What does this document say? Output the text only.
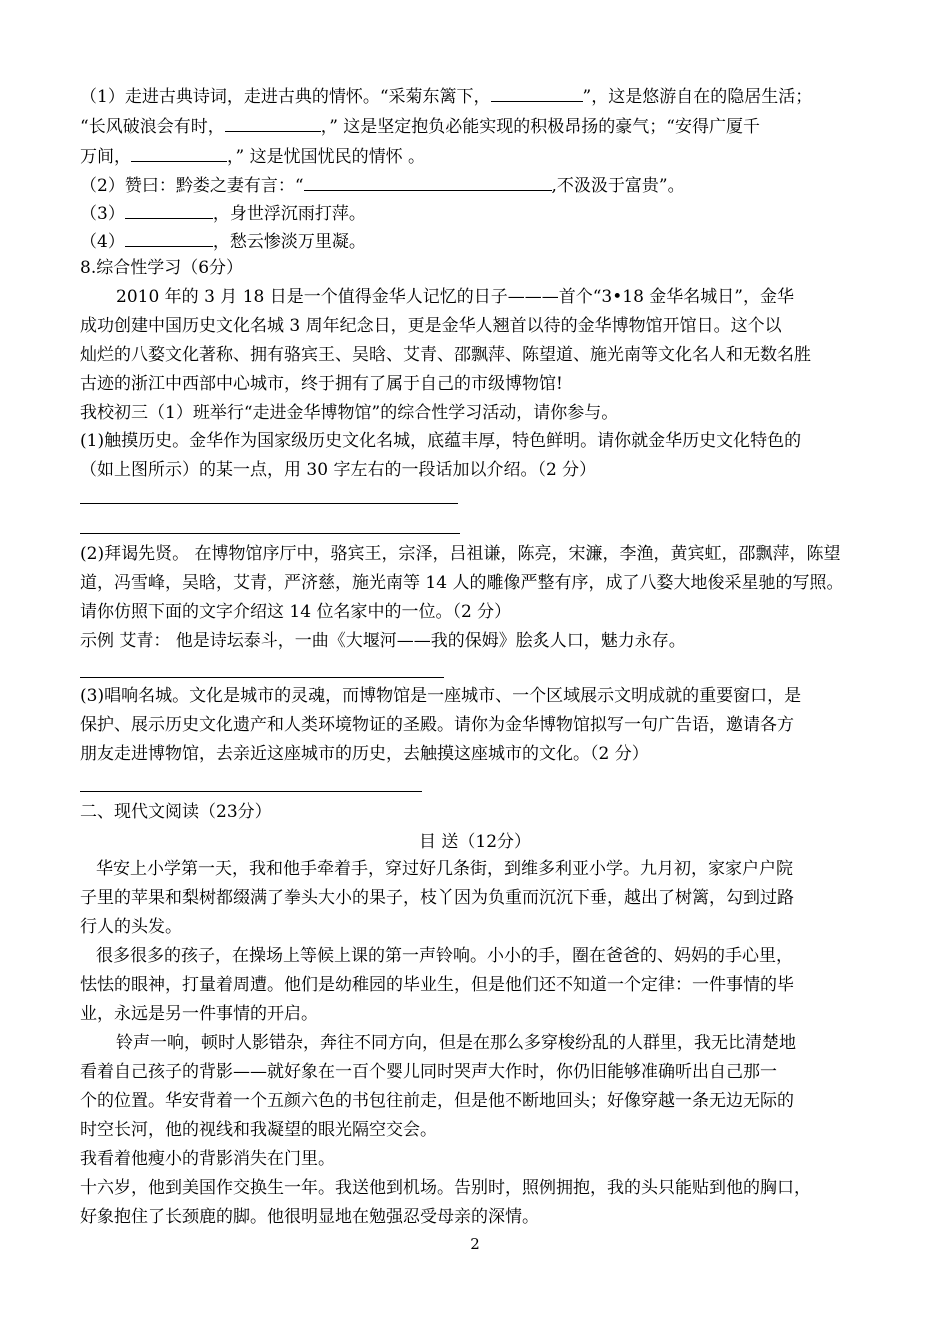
（1）走进古典诗词，走进古典的情怀。“采菊东篱下，	”，这是悠游自在的隐居生活；
“长风破浪会有时，	，” 这是坚定抱负必能实现的积极昂扬的豪气；“安得广厦千
万间，	，” 这是忧国忧民的情怀 。
（2）赞曰：黔娄之妻有言：“	,不汲汲于富贵”。
（3）	，身世浮沉雨打萍。
（4）	，愁云惨淡万里凝。
8.综合性学习（6分）
2010 年的 3 月 18 日是一个值得金华人记忆的日子———首个“3•18 金华名城日”，金华
成功创建中国历史文化名城 3 周年纪念日，更是金华人翘首以待的金华博物馆开馆日。这个以
灿烂的八婺文化著称、拥有骆宾王、吴晗、艾青、邵飘萍、陈望道、施光南等文化名人和无数名胜
古迹的浙江中西部中心城市，终于拥有了属于自己的市级博物馆!
我校初三（1）班举行“走进金华博物馆”的综合性学习活动，请你参与。
(1)触摸历史。金华作为国家级历史文化名城，底蕴丰厚，特色鲜明。请你就金华历史文化特色的
（如上图所示）的某一点，用 30 字左右的一段话加以介绍。（2 分）
(2)拜谒先贤。 在博物馆序厅中，骆宾王，宗泽，吕祖谦，陈亮，宋濂，李渔，黄宾虹，邵飘萍，陈望
道，冯雪峰，吴晗，艾青，严济慈，施光南等 14 人的雕像严整有序，成了八婺大地俊采星驰的写照。
请你仿照下面的文字介绍这 14 位名家中的一位。（2 分）
示例 艾青： 他是诗坛泰斗，一曲《大堰河——我的保姆》脍炙人口，魅力永存。
(3)唱响名城。文化是城市的灵魂，而博物馆是一座城市、一个区域展示文明成就的重要窗口，是
保护、展示历史文化遗产和人类环境物证的圣殿。请你为金华博物馆拟写一句广告语，邀请各方
朋友走进博物馆，去亲近这座城市的历史，去触摸这座城市的文化。（2 分）
二、现代文阅读（23分）
目 送（12分）
华安上小学第一天，我和他手牵着手，穿过好几条街，到维多利亚小学。九月初，家家户户院
子里的苹果和梨树都缀满了拳头大小的果子，枝丫因为负重而沉沉下垂，越出了树篱，勾到过路
行人的头发。
很多很多的孩子，在操场上等候上课的第一声铃响。小小的手，圈在爸爸的、妈妈的手心里，
怯怯的眼神，打量着周遭。他们是幼稚园的毕业生，但是他们还不知道一个定律：一件事情的毕
业，永远是另一件事情的开启。
铃声一响，顿时人影错杂，奔往不同方向，但是在那么多穿梭纷乱的人群里，我无比清楚地
看着自己孩子的背影——就好象在一百个婴儿同时哭声大作时，你仍旧能够准确听出自己那一
个的位置。华安背着一个五颜六色的书包往前走，但是他不断地回头；好像穿越一条无边无际的
时空长河，他的视线和我凝望的眼光隔空交会。
我看着他瘦小的背影消失在门里。
十六岁，他到美国作交换生一年。我送他到机场。告别时，照例拥抱，我的头只能贴到他的胸口，
好象抱住了长颈鹿的脚。他很明显地在勉强忍受母亲的深情。
2
